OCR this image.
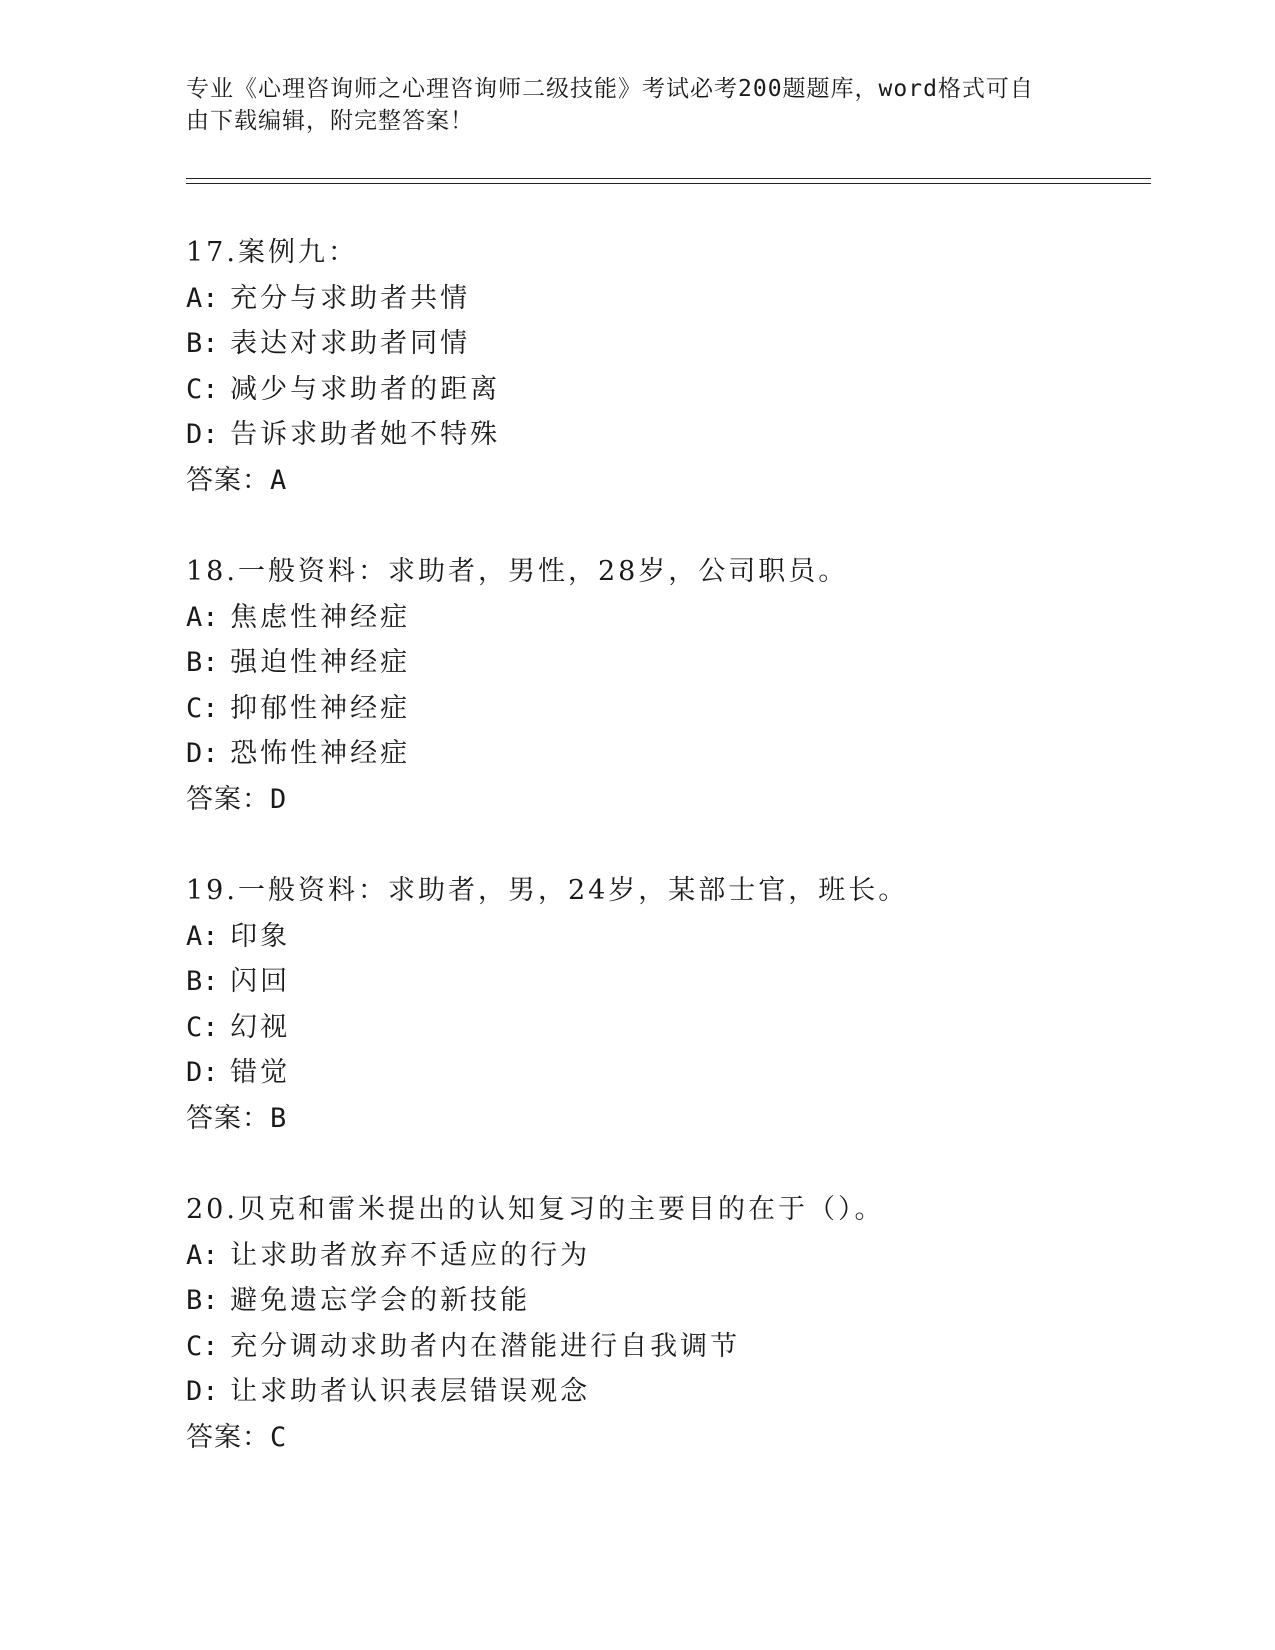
专业《心理咨询师之心理咨询师二级技能》考试必考200题题库，word格式可自
由下载编辑，附完整答案！
17.案例九：
A: 充分与求助者共情
B: 表达对求助者同情
C: 减少与求助者的距离
D: 告诉求助者她不特殊
答案：A
18.一般资料：求助者，男性，28岁，公司职员。
A: 焦虑性神经症
B: 强迫性神经症
C: 抑郁性神经症
D: 恐怖性神经症
答案：D
19.一般资料：求助者，男，24岁，某部士官，班长。
A: 印象
B: 闪回
C: 幻视
D: 错觉
答案：B
20.贝克和雷米提出的认知复习的主要目的在于（）。
A: 让求助者放弃不适应的行为
B: 避免遗忘学会的新技能
C: 充分调动求助者内在潜能进行自我调节
D: 让求助者认识表层错误观念
答案：C
